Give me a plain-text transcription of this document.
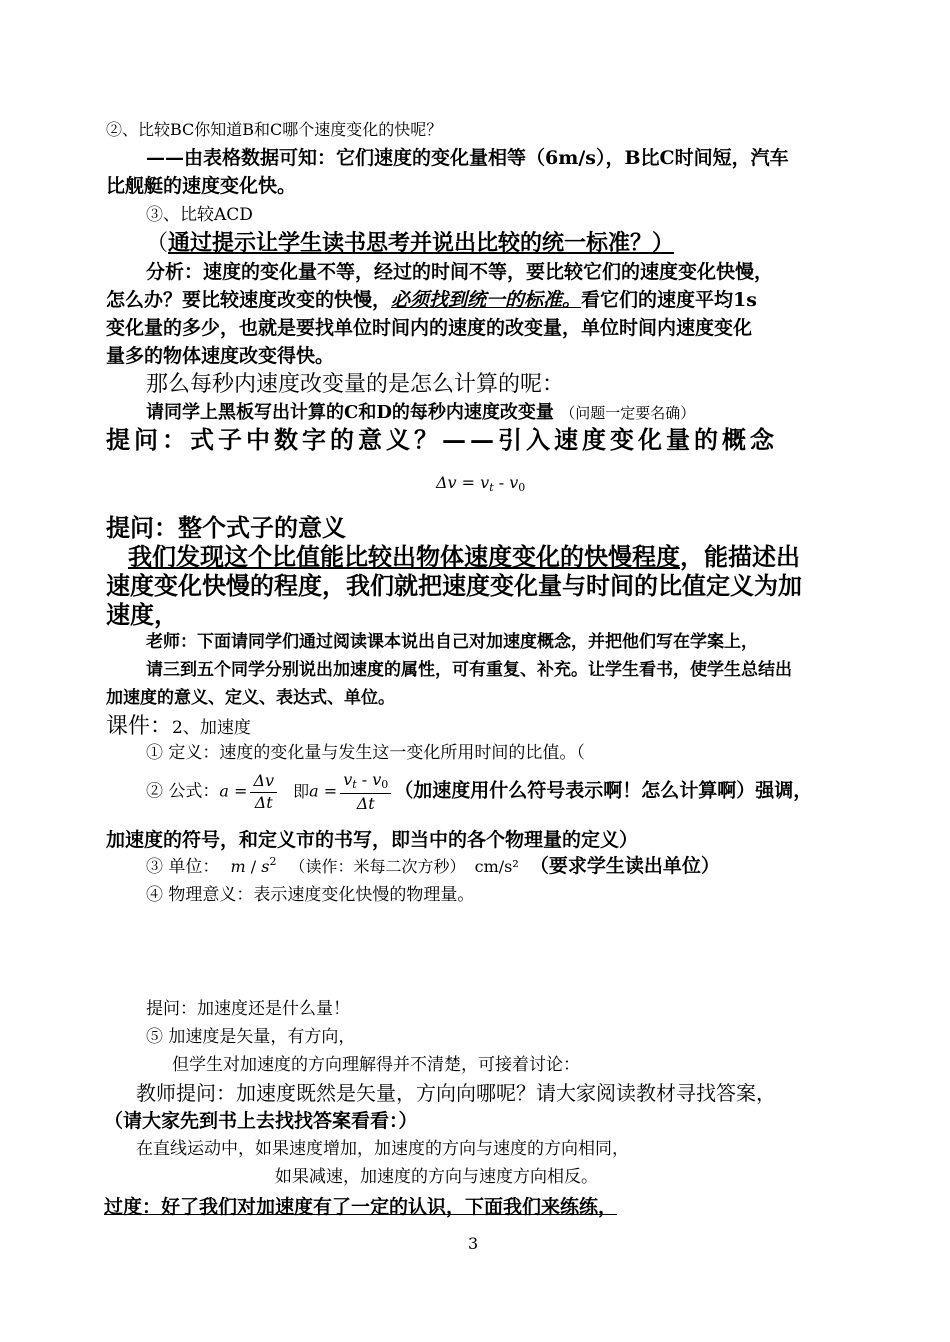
②、比较BC你知道B和C哪个速度变化的快呢？
——由表格数据可知：它们速度的变化量相等（6m/s），B比C时间短，汽车
比舰艇的速度变化快。
③、比较ACD
（通过提示让学生读书思考并说出比较的统一标准？）
分析：速度的变化量不等，经过的时间不等，要比较它们的速度变化快慢，
怎么办？要比较速度改变的快慢，必须找到统一的标准。看它们的速度平均1s
变化量的多少，也就是要找单位时间内的速度的改变量，单位时间内速度变化
量多的物体速度改变得快。
那么每秒内速度改变量的是怎么计算的呢：
请同学上黑板写出计算的C和D的每秒内速度改变量 （问题一定要名确）
提问：式子中数字的意义？——引入速度变化量的概念
$\Delta v = v_t - v_0$
提问：整个式子的意义
我们发现这个比值能比较出物体速度变化的快慢程度，能描述出
速度变化快慢的程度，我们就把速度变化量与时间的比值定义为加
速度，
老师：下面请同学们通过阅读课本说出自己对加速度概念，并把他们写在学案上，
请三到五个同学分别说出加速度的属性，可有重复、补充。让学生看书，使学生总结出
加速度的意义、定义、表达式、单位。
课件：2、加速度
① 定义：速度的变化量与发生这一变化所用时间的比值。（
② 公式：$a = \frac{\Delta v}{\Delta t}$ 即$a = \frac{v_t - v_0}{\Delta t}$ （加速度用什么符号表示啊！怎么计算啊）强调，
加速度的符号，和定义市的书写，即当中的各个物理量的定义）
③ 单位： m / $s^2$ （读作：米每二次方秒） cm/s² （要求学生读出单位）
④ 物理意义：表示速度变化快慢的物理量。
提问：加速度还是什么量！
⑤ 加速度是矢量，有方向，
但学生对加速度的方向理解得并不清楚，可接着讨论：
教师提问：加速度既然是矢量，方向向哪呢？请大家阅读教材寻找答案，
（请大家先到书上去找找答案看看：）
在直线运动中，如果速度增加，加速度的方向与速度的方向相同，
如果减速，加速度的方向与速度方向相反。
过度：好了我们对加速度有了一定的认识，下面我们来练练，
3
